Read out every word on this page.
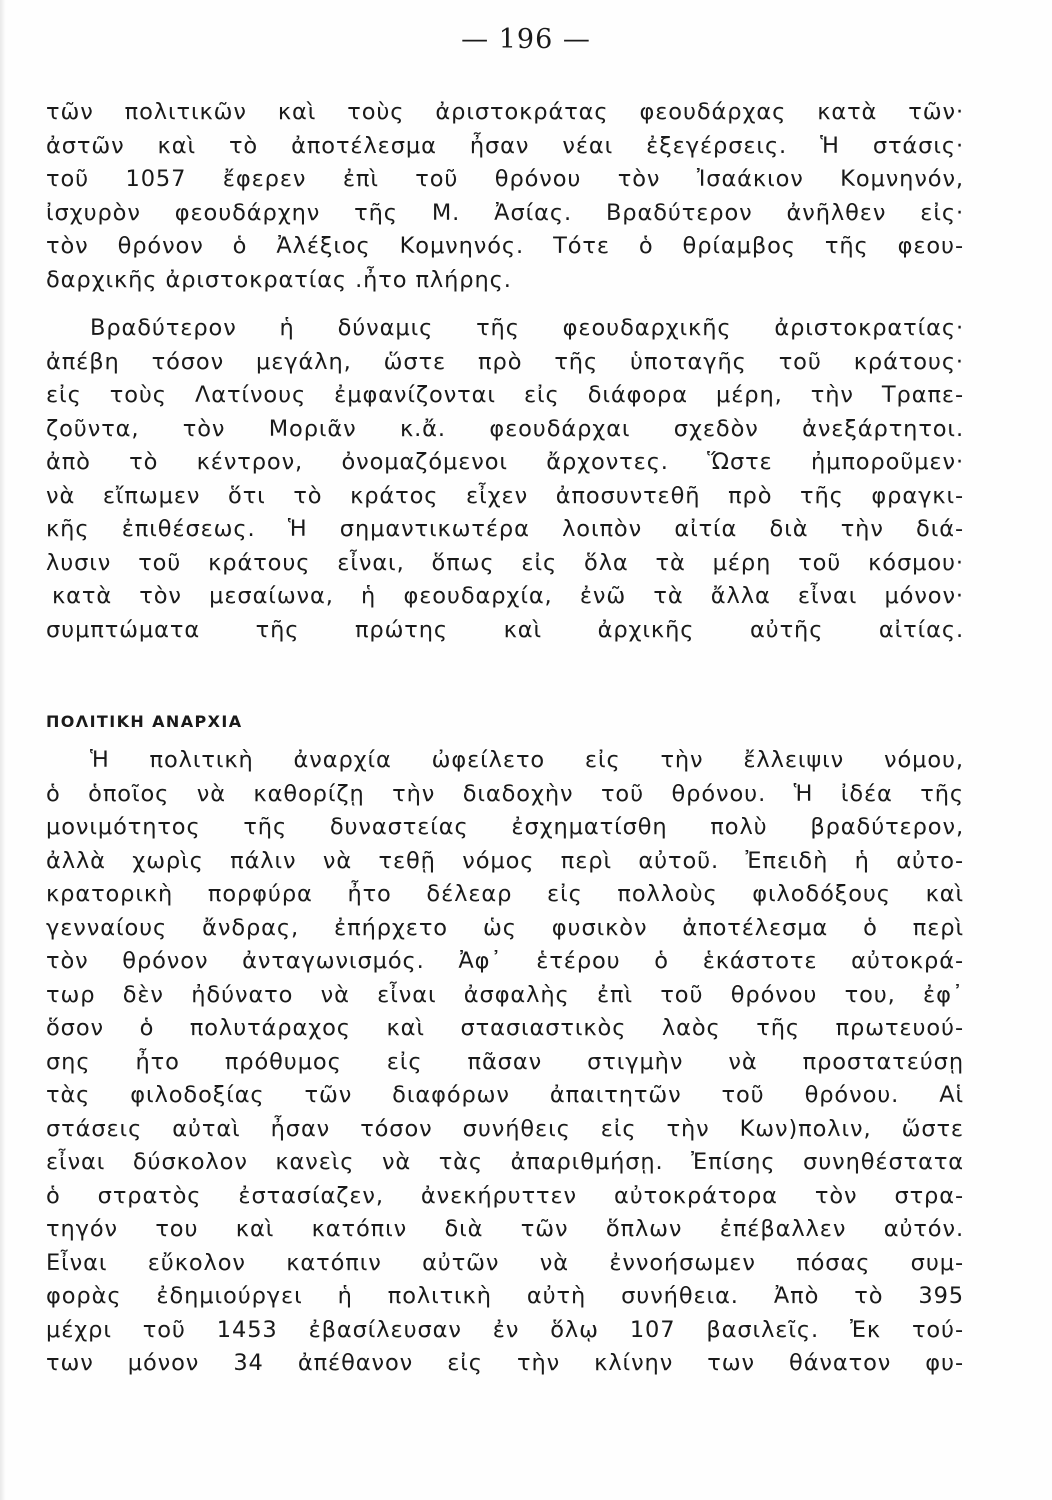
— 196 —
τῶν πολιτικῶν καὶ τοὺς ἀριστοκράτας φεουδάρχας κατὰ τῶν·
ἀστῶν καὶ τὸ ἀποτέλεσμα ἦσαν νέαι ἐξεγέρσεις. Ἡ στάσις·
τοῦ 1057 ἔφερεν ἐπὶ τοῦ θρόνου τὸν Ἰσαάκιον Κομνηνόν,
ἰσχυρὸν φεουδάρχην τῆς Μ. Ἀσίας. Βραδύτερον ἀνῆλθεν εἰς·
τὸν θρόνον ὁ Ἀλέξιος Κομνηνός. Τότε ὁ θρίαμβος τῆς φεου-
δαρχικῆς ἀριστοκρατίας .ἦτο πλήρης.
Βραδύτερον ἡ δύναμις τῆς φεουδαρχικῆς ἀριστοκρατίας·
ἀπέβη τόσον μεγάλη, ὥστε πρὸ τῆς ὑποταγῆς τοῦ κράτους·
εἰς τοὺς Λατίνους ἐμφανίζονται εἰς διάφορα μέρη, τὴν Τραπε-
ζοῦντα, τὸν Μοριᾶν κ.ἄ. φεουδάρχαι σχεδὸν ἀνεξάρτητοι.
ἀπὸ τὸ κέντρον, ὀνομαζόμενοι ἄρχοντες. Ὥστε ἠμποροῦμεν·
νὰ εἴπωμεν ὅτι τὸ κράτος εἶχεν ἀποσυντεθῆ πρὸ τῆς φραγκι-
κῆς ἐπιθέσεως. Ἡ σημαντικωτέρα λοιπὸν αἰτία διὰ τὴν διά-
λυσιν τοῦ κράτους εἶναι, ὅπως εἰς ὅλα τὰ μέρη τοῦ κόσμου·
κατὰ τὸν μεσαίωνα, ἡ φεουδαρχία, ἐνῶ τὰ ἄλλα εἶναι μόνον·
συμπτώματα τῆς πρώτης καὶ ἀρχικῆς αὐτῆς αἰτίας.
ΠΟΛΙΤΙΚΗ ΑΝΑΡΧΙΑ
Ἡ πολιτικὴ ἀναρχία ὠφείλετο εἰς τὴν ἔλλειψιν νόμου,
ὁ ὁποῖος νὰ καθορίζῃ τὴν διαδοχὴν τοῦ θρόνου. Ἡ ἰδέα τῆς
μονιμότητος τῆς δυναστείας ἐσχηματίσθη πολὺ βραδύτερον,
ἀλλὰ χωρὶς πάλιν νὰ τεθῇ νόμος περὶ αὐτοῦ. Ἐπειδὴ ἡ αὐτο-
κρατορικὴ πορφύρα ἦτο δέλεαρ εἰς πολλοὺς φιλοδόξους καὶ
γενναίους ἄνδρας, ἐπήρχετο ὡς φυσικὸν ἀποτέλεσμα ὁ περὶ
τὸν θρόνον ἀνταγωνισμός. Ἀφ᾿ ἑτέρου ὁ ἑκάστοτε αὐτοκρά-
τωρ δὲν ἠδύνατο νὰ εἶναι ἀσφαλὴς ἐπὶ τοῦ θρόνου του, ἐφ᾿
ὅσον ὁ πολυτάραχος καὶ στασιαστικὸς λαὸς τῆς πρωτευού-
σης ἦτο πρόθυμος εἰς πᾶσαν στιγμὴν νὰ προστατεύσῃ
τὰς φιλοδοξίας τῶν διαφόρων ἀπαιτητῶν τοῦ θρόνου. Αἱ
στάσεις αὐταὶ ἦσαν τόσον συνήθεις εἰς τὴν Κων)πολιν, ὥστε
εἶναι δύσκολον κανεὶς νὰ τὰς ἀπαριθμήσῃ. Ἐπίσης συνηθέστατα
ὁ στρατὸς ἐστασίαζεν, ἀνεκήρυττεν αὐτοκράτορα τὸν στρα-
τηγόν του καὶ κατόπιν διὰ τῶν ὅπλων ἐπέβαλλεν αὐτόν.
Εἶναι εὔκολον κατόπιν αὐτῶν νὰ ἐννοήσωμεν πόσας συμ-
φορὰς ἐδημιούργει ἡ πολιτικὴ αὐτὴ συνήθεια. Ἀπὸ τὸ 395
μέχρι τοῦ 1453 ἐβασίλευσαν ἐν ὅλῳ 107 βασιλεῖς. Ἐκ τού-
των μόνον 34 ἀπέθανον εἰς τὴν κλίνην των θάνατον φυ-
